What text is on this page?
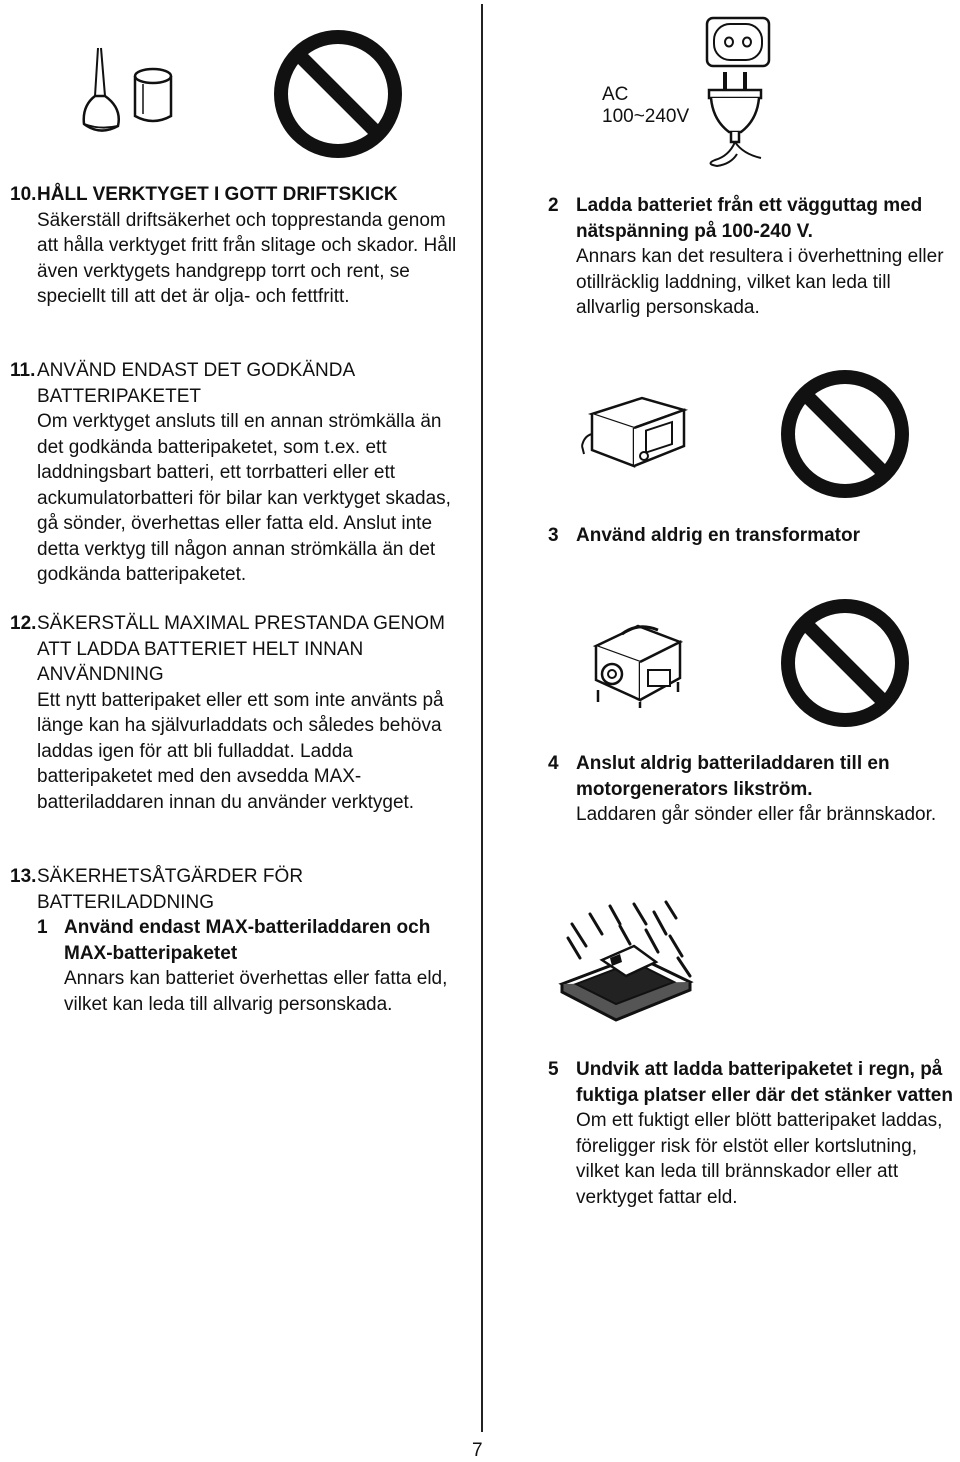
10. HÅLL VERKTYGET I GOTT DRIFTSKICK
Säkerställ driftsäkerhet och topprestanda genom att hålla verktyget fritt från slitage och skador. Håll även verktygets handgrepp torrt och rent, se speciellt till att det är olja- och fettfritt.
11. ANVÄND ENDAST DET GODKÄNDA BATTERIPAKETET
Om verktyget ansluts till en annan strömkälla än det godkända batteripaketet, som t.ex. ett laddningsbart batteri, ett torrbatteri eller ett ackumulatorbatteri för bilar kan verktyget skadas, gå sönder, överhettas eller fatta eld. Anslut inte detta verktyg till någon annan strömkälla än det godkända batteripaketet.
12. SÄKERSTÄLL MAXIMAL PRESTANDA GENOM ATT LADDA BATTERIET HELT INNAN ANVÄNDNING
Ett nytt batteripaket eller ett som inte använts på länge kan ha självurladdats och således behöva laddas igen för att bli fulladdat. Ladda batteripaketet med den avsedda MAX-batteriladdaren innan du använder verktyget.
13. SÄKERHETSÅTGÄRDER FÖR BATTERILADDNING
1 Använd endast MAX-batteriladdaren och MAX-batteripaketet
Annars kan batteriet överhettas eller fatta eld, vilket kan leda till allvarig personskada.
AC
100~240V
2 Ladda batteriet från ett vägguttag med nätspänning på 100-240 V.
Annars kan det resultera i överhettning eller otillräcklig laddning, vilket kan leda till allvarlig personskada.
3 Använd aldrig en transformator
4 Anslut aldrig batteriladdaren till en motorgenerators likström.
Laddaren går sönder eller får brännskador.
5 Undvik att ladda batteripaketet i regn, på fuktiga platser eller där det stänker vatten
Om ett fuktigt eller blött batteripaket laddas, föreligger risk för elstöt eller kortslutning, vilket kan leda till brännskador eller att verktyget fattar eld.
7
